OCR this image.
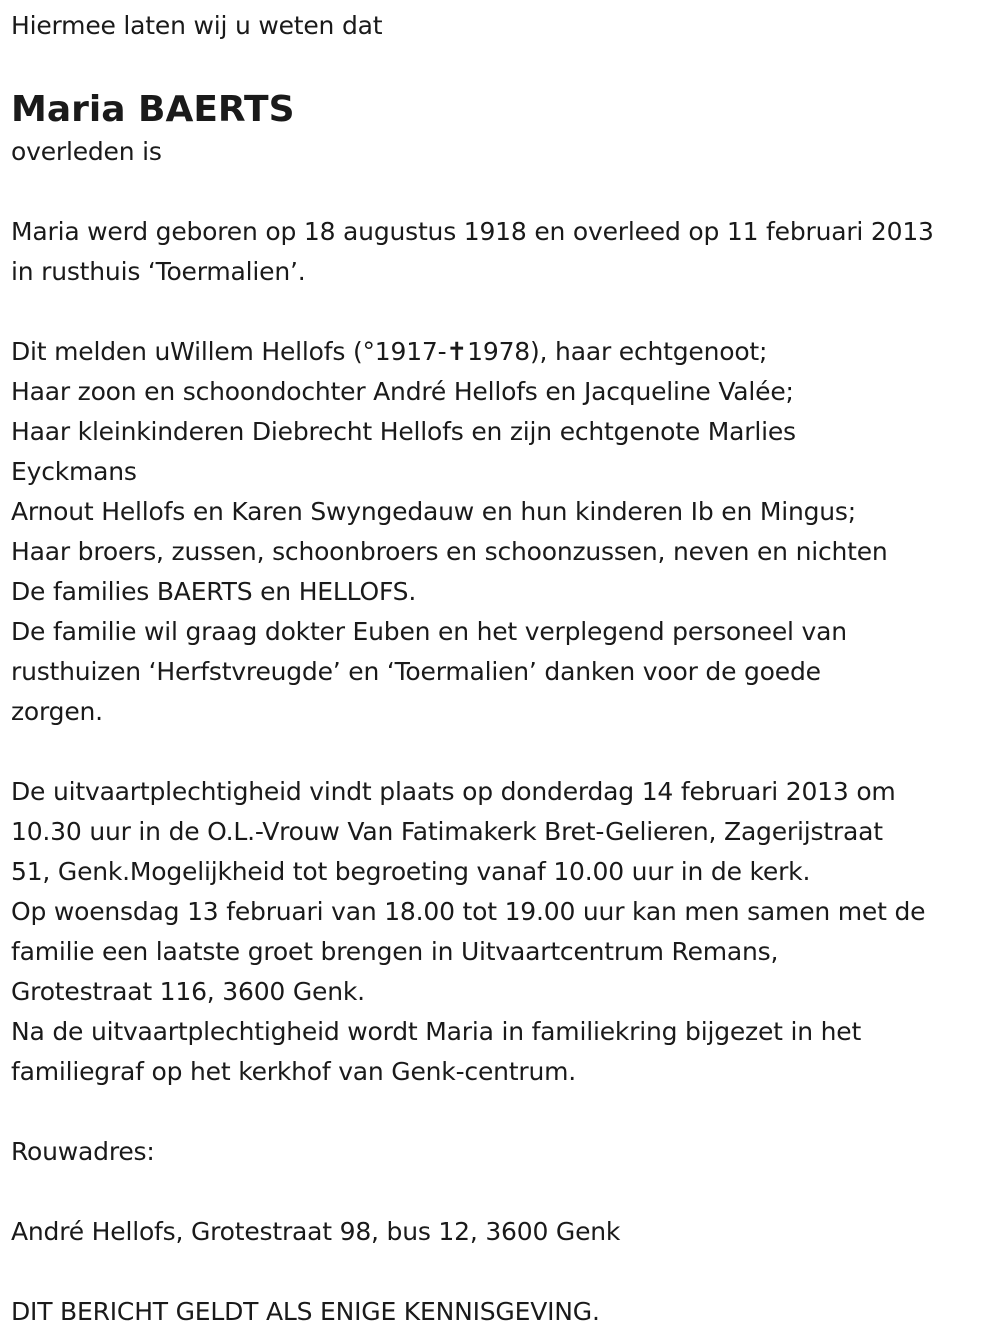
Hiermee laten wij u weten dat
Maria BAERTS
overleden is
Maria werd geboren op 18 augustus 1918 en overleed op 11 februari 2013
in rusthuis ‘Toermalien’.
Dit melden uWillem Hellofs (°1917-✝1978), haar echtgenoot;
Haar zoon en schoondochter André Hellofs en Jacqueline Valée;
Haar kleinkinderen Diebrecht Hellofs en zijn echtgenote Marlies
Eyckmans
Arnout Hellofs en Karen Swyngedauw en hun kinderen Ib en Mingus;
Haar broers, zussen, schoonbroers en schoonzussen, neven en nichten
De families BAERTS en HELLOFS.
De familie wil graag dokter Euben en het verplegend personeel van
rusthuizen ‘Herfstvreugde’ en ‘Toermalien’ danken voor de goede
zorgen.
De uitvaartplechtigheid vindt plaats op donderdag 14 februari 2013 om
10.30 uur in de O.L.-Vrouw Van Fatimakerk Bret-Gelieren, Zagerijstraat
51, Genk.Mogelijkheid tot begroeting vanaf 10.00 uur in de kerk.
Op woensdag 13 februari van 18.00 tot 19.00 uur kan men samen met de
familie een laatste groet brengen in Uitvaartcentrum Remans,
Grotestraat 116, 3600 Genk.
Na de uitvaartplechtigheid wordt Maria in familiekring bijgezet in het
familiegraf op het kerkhof van Genk-centrum.
Rouwadres:
André Hellofs, Grotestraat 98, bus 12, 3600 Genk
DIT BERICHT GELDT ALS ENIGE KENNISGEVING.
